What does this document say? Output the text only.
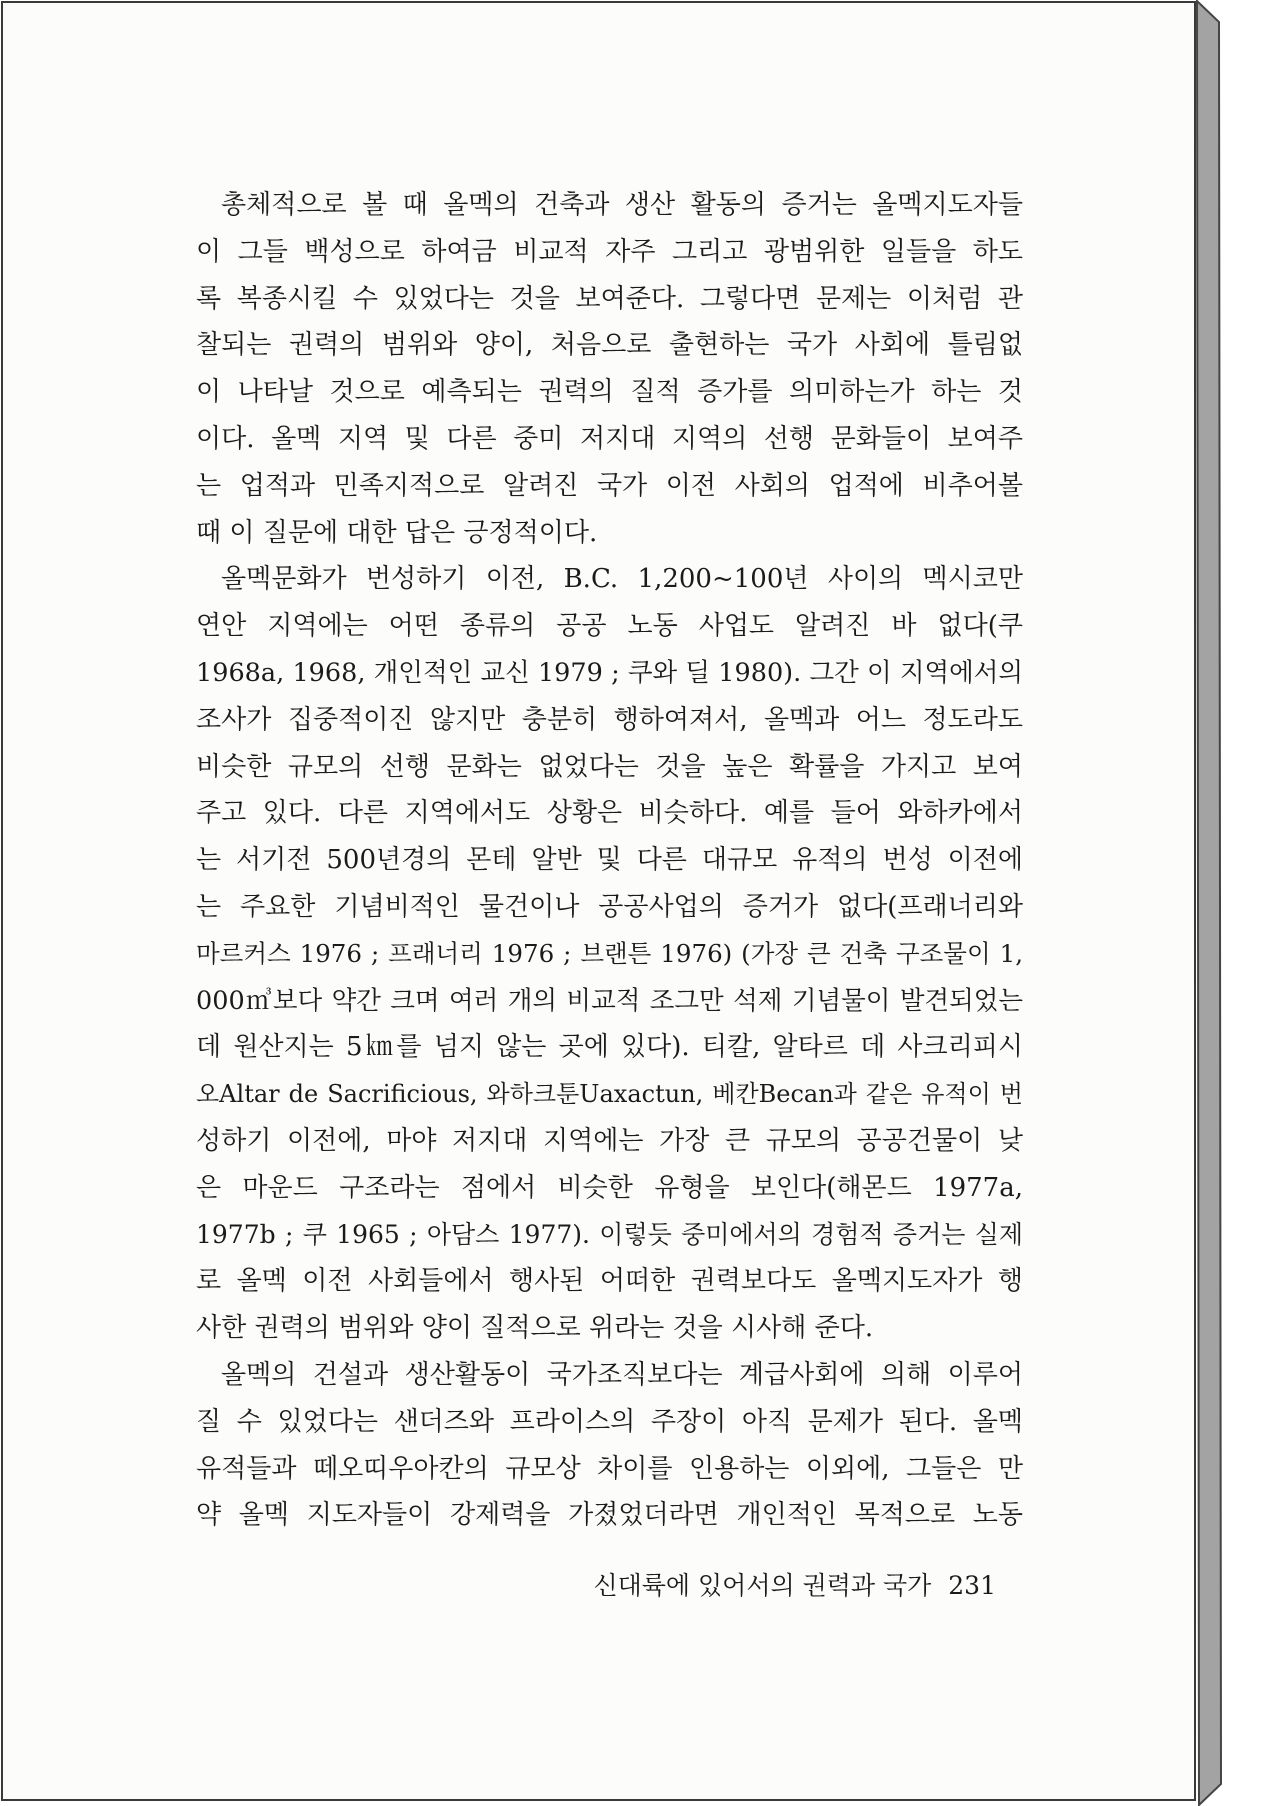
총체적으로 볼 때 올멕의 건축과 생산 활동의 증거는 올멕지도자들
이 그들 백성으로 하여금 비교적 자주 그리고 광범위한 일들을 하도
록 복종시킬 수 있었다는 것을 보여준다. 그렇다면 문제는 이처럼 관
찰되는 권력의 범위와 양이, 처음으로 출현하는 국가 사회에 틀림없
이 나타날 것으로 예측되는 권력의 질적 증가를 의미하는가 하는 것
이다. 올멕 지역 및 다른 중미 저지대 지역의 선행 문화들이 보여주
는 업적과 민족지적으로 알려진 국가 이전 사회의 업적에 비추어볼
때 이 질문에 대한 답은 긍정적이다.
올멕문화가 번성하기 이전, B.C. 1,200~100년 사이의 멕시코만
연안 지역에는 어떤 종류의 공공 노동 사업도 알려진 바 없다(쿠
1968a, 1968, 개인적인 교신 1979 ; 쿠와 딜 1980). 그간 이 지역에서의
조사가 집중적이진 않지만 충분히 행하여져서, 올멕과 어느 정도라도
비슷한 규모의 선행 문화는 없었다는 것을 높은 확률을 가지고 보여
주고 있다. 다른 지역에서도 상황은 비슷하다. 예를 들어 와하카에서
는 서기전 500년경의 몬테 알반 및 다른 대규모 유적의 번성 이전에
는 주요한 기념비적인 물건이나 공공사업의 증거가 없다(프래너리와
마르커스 1976 ; 프래너리 1976 ; 브랜튼 1976) (가장 큰 건축 구조물이 1,
000㎥보다 약간 크며 여러 개의 비교적 조그만 석제 기념물이 발견되었는
데 원산지는 5㎞를 넘지 않는 곳에 있다). 티칼, 알타르 데 사크리피시
오Altar de Sacrificious, 와하크툰Uaxactun, 베칸Becan과 같은 유적이 번
성하기 이전에, 마야 저지대 지역에는 가장 큰 규모의 공공건물이 낮
은 마운드 구조라는 점에서 비슷한 유형을 보인다(해몬드 1977a,
1977b ; 쿠 1965 ; 아담스 1977). 이렇듯 중미에서의 경험적 증거는 실제
로 올멕 이전 사회들에서 행사된 어떠한 권력보다도 올멕지도자가 행
사한 권력의 범위와 양이 질적으로 위라는 것을 시사해 준다.
올멕의 건설과 생산활동이 국가조직보다는 계급사회에 의해 이루어
질 수 있었다는 샌더즈와 프라이스의 주장이 아직 문제가 된다. 올멕
유적들과 떼오띠우아칸의 규모상 차이를 인용하는 이외에, 그들은 만
약 올멕 지도자들이 강제력을 가졌었더라면 개인적인 목적으로 노동
신대륙에 있어서의 권력과 국가 231
